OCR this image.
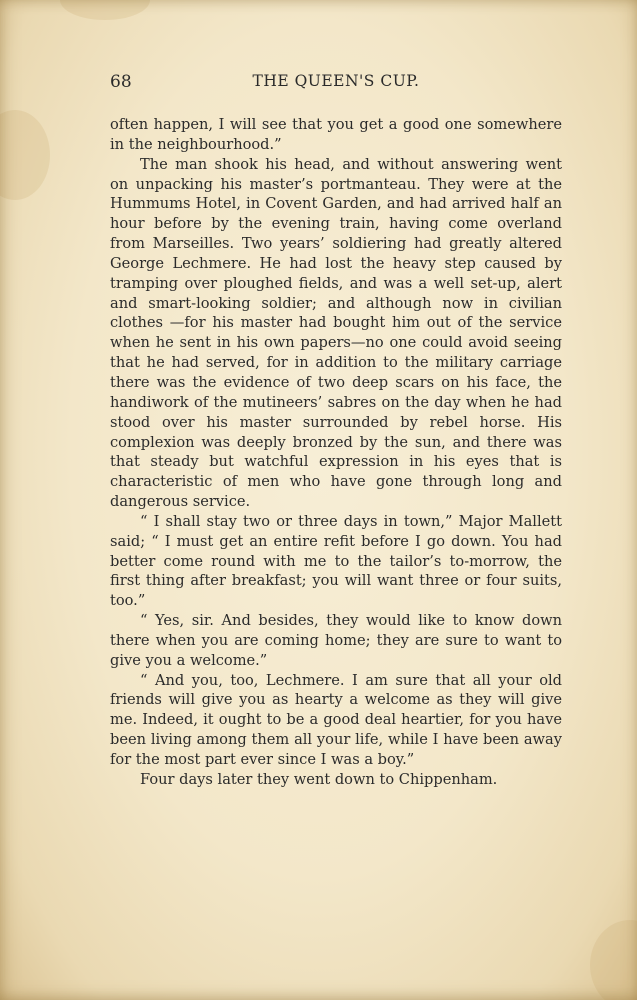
68	THE QUEEN'S CUP.

often happen, I will see that you get a good one somewhere in the neighbourhood.”

The man shook his head, and without answering went on unpacking his master’s portmanteau. They were at the Hummums Hotel, in Covent Garden, and had arrived half an hour before by the evening train, having come overland from Marseilles. Two years’ soldiering had greatly altered George Lechmere. He had lost the heavy step caused by tramping over ploughed fields, and was a well set-up, alert and smart-looking soldier; and although now in civilian clothes —for his master had bought him out of the service when he sent in his own papers—no one could avoid seeing that he had served, for in addition to the military carriage there was the evidence of two deep scars on his face, the handiwork of the mutineers’ sabres on the day when he had stood over his master surrounded by rebel horse. His complexion was deeply bronzed by the sun, and there was that steady but watchful expression in his eyes that is characteristic of men who have gone through long and dangerous service.

“ I shall stay two or three days in town,” Major Mallett said; “ I must get an entire refit before I go down. You had better come round with me to the tailor’s to-morrow, the first thing after breakfast; you will want three or four suits, too.”

“ Yes, sir. And besides, they would like to know down there when you are coming home; they are sure to want to give you a welcome.”

“ And you, too, Lechmere. I am sure that all your old friends will give you as hearty a welcome as they will give me. Indeed, it ought to be a good deal heartier, for you have been living among them all your life, while I have been away for the most part ever since I was a boy.”

Four days later they went down to Chippenham.
